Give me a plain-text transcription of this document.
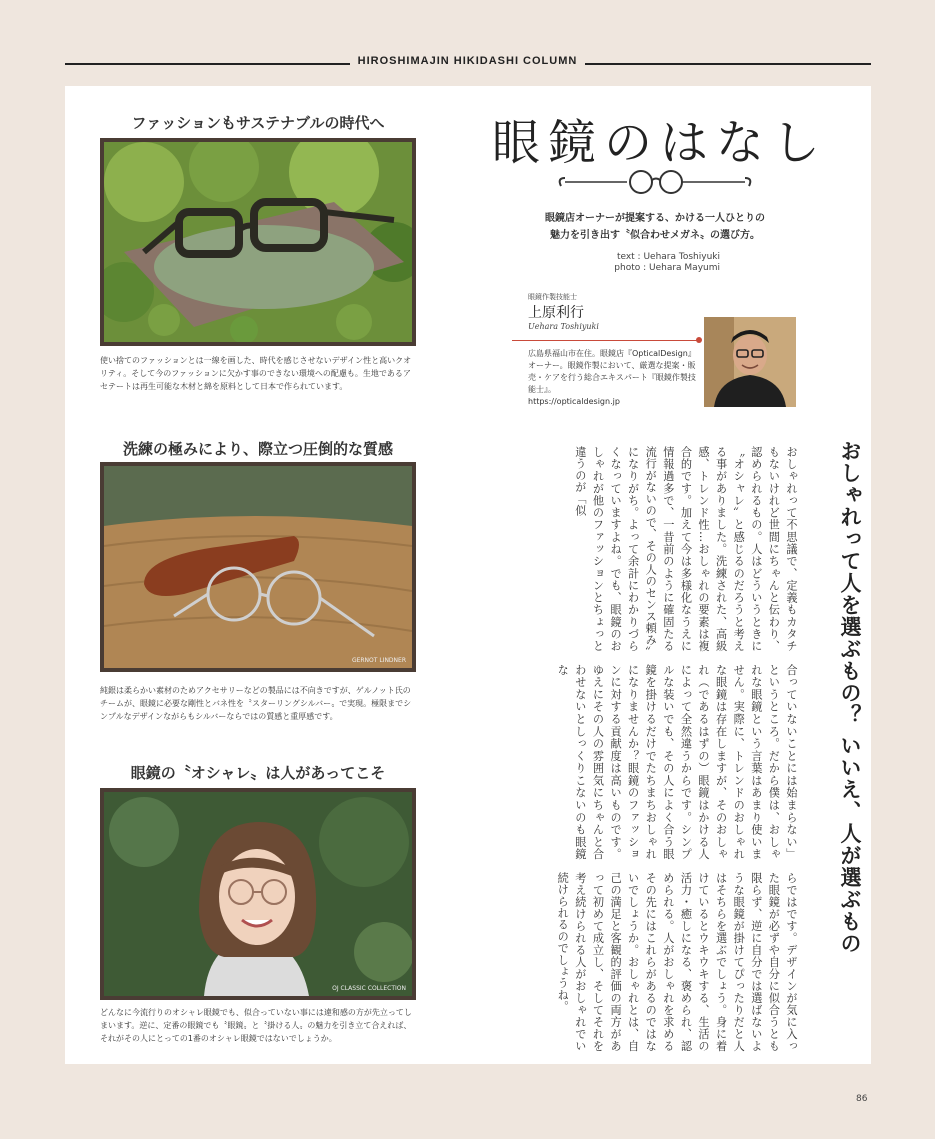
HIROSHIMAJIN HIKIDASHI COLUMN
ファッションもサステナブルの時代へ
使い捨てのファッションとは一線を画した、時代を感じさせないデザイン性と高いクオリティ。そして今のファッションに欠かす事のできない環境への配慮も。生地であるアセテートは再生可能な木材と綿を原料として日本で作られています。
洗練の極みにより、際立つ圧倒的な質感
GERNOT LINDNER
純銀は柔らかい素材のためアクセサリーなどの製品には不向きですが、ゲルノット氏のチームが、眼鏡に必要な剛性とバネ性を〝スターリングシルバー〟で実現。極限までシンプルなデザインながらもシルバーならではの質感と重厚感です。
眼鏡の〝オシャレ〟は人があってこそ
OJ CLASSIC COLLECTION
どんなに今流行りのオシャレ眼鏡でも、似合っていない事には違和感の方が先立ってしまいます。逆に、定番の眼鏡でも〝眼鏡〟と〝掛ける人〟の魅力を引き立て合えれば、それがその人にとっての1番のオシャレ眼鏡ではないでしょうか。
眼鏡のはなし
眼鏡店オーナーが提案する、かける一人ひとりの
魅力を引き出す〝似合わせメガネ〟の選び方。
text : Uehara Toshiyuki
photo : Uehara Mayumi
眼鏡作製技能士
上原利行
Uehara Toshiyuki
広島県福山市在住。眼鏡店『OpticalDesign』オーナー。眼鏡作製において、厳選な提案・販売・ケアを行う総合エキスパート『眼鏡作製技能士』。
https://opticaldesign.jp
おしゃれって人を選ぶもの？ いいえ、人が選ぶもの
おしゃれって不思議で、定義もカタチもないけれど世間にちゃんと伝わり、認められるもの。人はどういうときに〝オシャレ〟と感じるのだろうと考える事がありました。洗練された、高級感、トレンド性…おしゃれの要素は複合的です。加えて今は多様化なうえに情報過多で、一昔前のように確固たる流行がないので、その人のセンス頼み〟になりがち。よって余計にわかりづらくなっていますよね。でも、眼鏡のおしゃれが他のファッションとちょっと違うのが「似
合っていないことには始まらない」というところ。だから僕は、おしゃれな眼鏡という言葉はあまり使いません。実際に、トレンドのおしゃれな眼鏡は存在しますが、そのおしゃれ（であるはずの）眼鏡はかける人によって全然違うからです。シンプルな装いでも、その人によく合う眼鏡を掛けるだけでたちまちおしゃれになりませんか？眼鏡のファッションに対する貢献度は高いものです。ゆえにその人の雰囲気にちゃんと合わせないとしっくりこないのも眼鏡な
らではです。デザインが気に入った眼鏡が必ずや自分に似合うとも限らず、逆に自分では選ばないような眼鏡が掛けてぴったりだと人はそちらを選ぶでしょう。身に着けているとウキウキする、生活の活力・癒しになる、褒められ、認められる。人がおしゃれを求めるその先にはこれらがあるのではないでしょうか。おしゃれとは、自己の満足と客観的評価の両方があって初めて成立し、そしてそれを考え続けられる人がおしゃれでい続けられるのでしょうね。
86
